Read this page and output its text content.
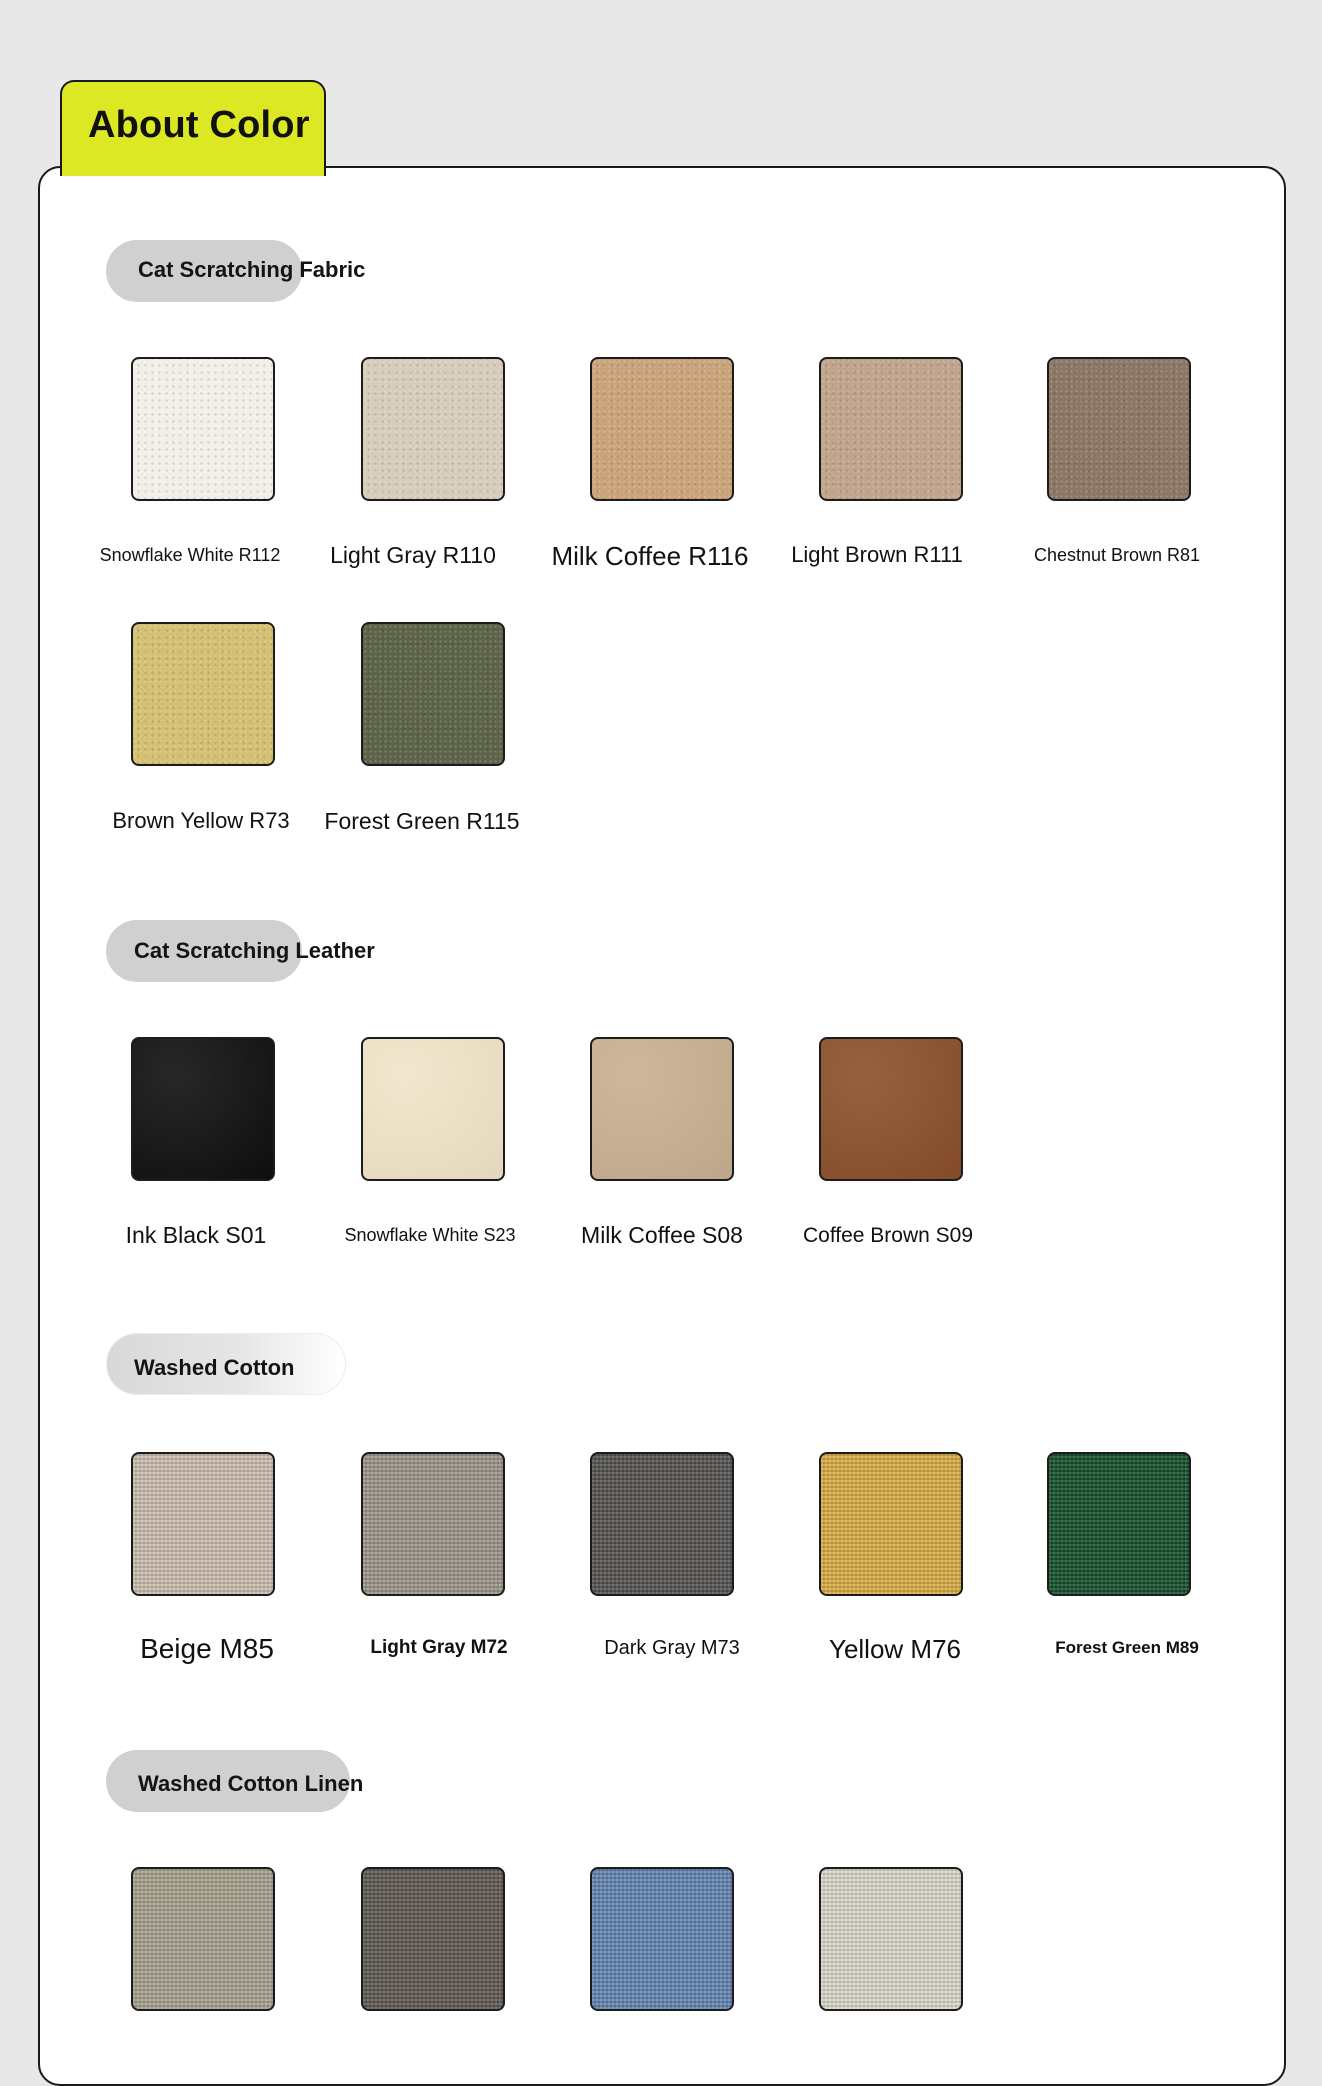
About Color
Cat Scratching Fabric
Snowflake White R112 Light Gray R110 Milk Coffee R116 Light Brown R111	Chestnut Brown R81
Brown Yellow R73 Forest Green R115
Cat Scratching Leather
Ink Black S01	Snowflake White S23	Milk Coffee S08	Coffee Brown S09
Washed Cotton
Beige M85	Light Gray M72	Dark Gray M73	Yellow M76	Forest Green M89
Washed Cotton Linen
